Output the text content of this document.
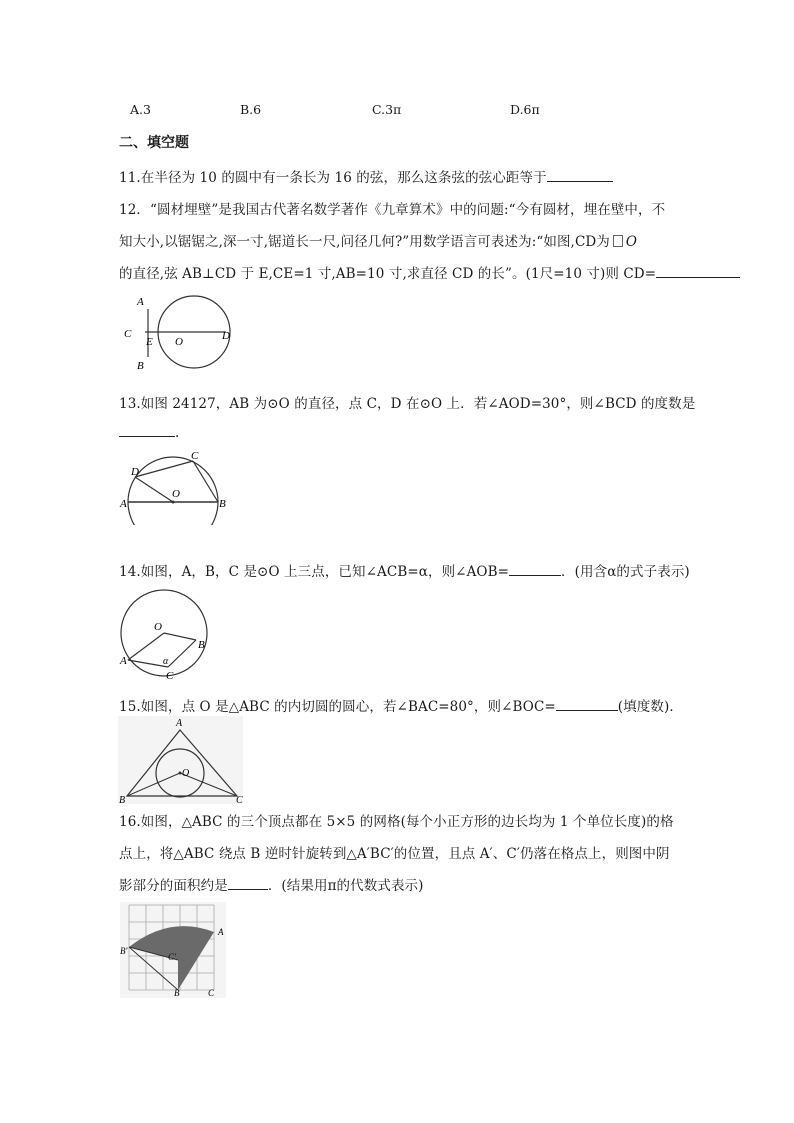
A.3	B.6	C.3π	D.6π
二、填空题
11.在半径为 10 的圆中有一条长为 16 的弦，那么这条弦的弦心距等于
12．“圆材埋壁”是我国古代著名数学著作《九章算术》中的问题:“今有圆材，埋在壁中，不
知大小,以锯锯之,深一寸,锯道长一尺,问径几何?”用数学语言可表述为:“如图,CD为 O
的直径,弦 AB⊥CD 于 E,CE=1 寸,AB=10 寸,求直径 CD 的长”。(1尺=10 寸)则 CD=
A
B
C	D
E O
13.如图 24127，AB 为⊙O 的直径，点 C，D 在⊙O 上．若∠AOD=30°，则∠BCD 的度数是
.
A	B
C
D
O
14.如图，A，B，C 是⊙O 上三点，已知∠ACB=α，则∠AOB=	．(用含α的式子表示)
A
B
C
O
α
15.如图，点 O 是△ABC 的内切圆的圆心，若∠BAC=80°，则∠BOC=	(填度数)．
A
B	C
O
16.如图，△ABC 的三个顶点都在 5×5 的网格(每个小正方形的边长均为 1 个单位长度)的格
点上，将△ABC 绕点 B 逆时针旋转到△A′BC′的位置，且点 A′、C′仍落在格点上，则图中阴
影部分的面积约是	．(结果用π的代数式表示)
A
B	C
B'
C'
